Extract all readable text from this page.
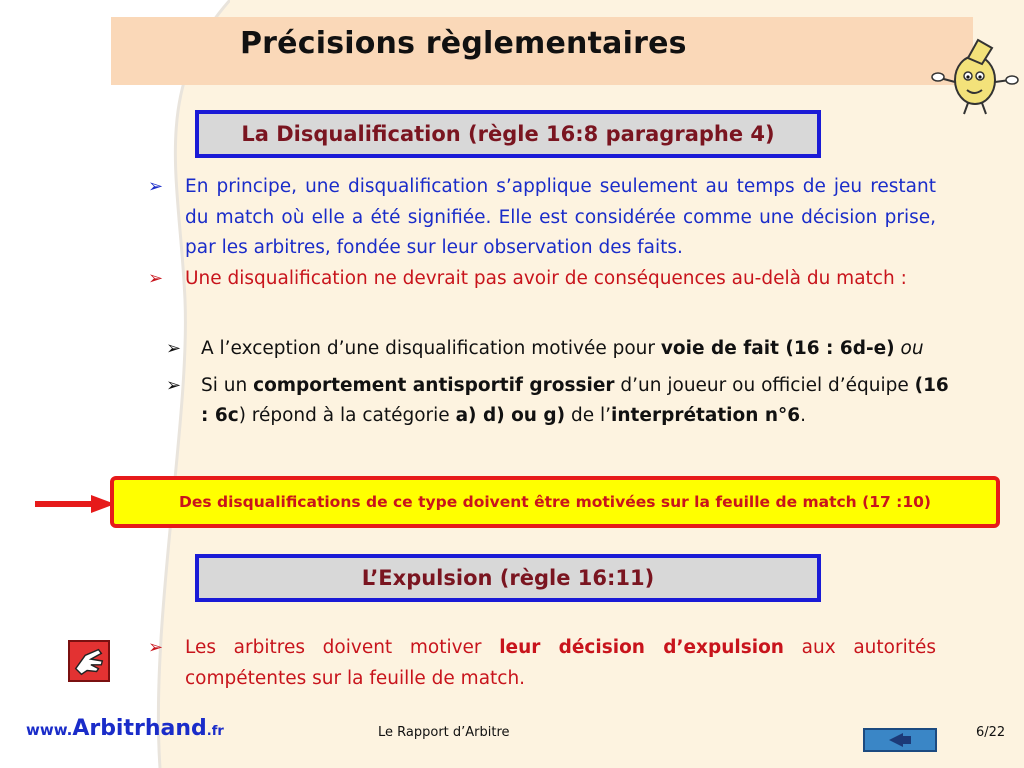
Précisions règlementaires
La Disqualification (règle 16:8 paragraphe 4)
➢ En principe, une disqualification s’applique seulement au temps de jeu restant du match où elle a été signifiée. Elle est considérée comme une décision prise, par les arbitres, fondée sur leur observation des faits.
➢ Une disqualification ne devrait pas avoir de conséquences au-delà du match :
➢ A l’exception d’une disqualification motivée pour voie de fait (16 : 6d-e) ou
➢ Si un comportement antisportif grossier d’un joueur ou officiel d’équipe (16 : 6c) répond à la catégorie a) d) ou g) de l’interprétation n°6.
Des disqualifications de ce type doivent être motivées sur la feuille de match (17 :10)
L’Expulsion (règle 16:11)
➢ Les arbitres doivent motiver leur décision d’expulsion aux autorités compétentes sur la feuille de match.
www.Arbitrhand.fr	Le Rapport d’Arbitre	6/22
